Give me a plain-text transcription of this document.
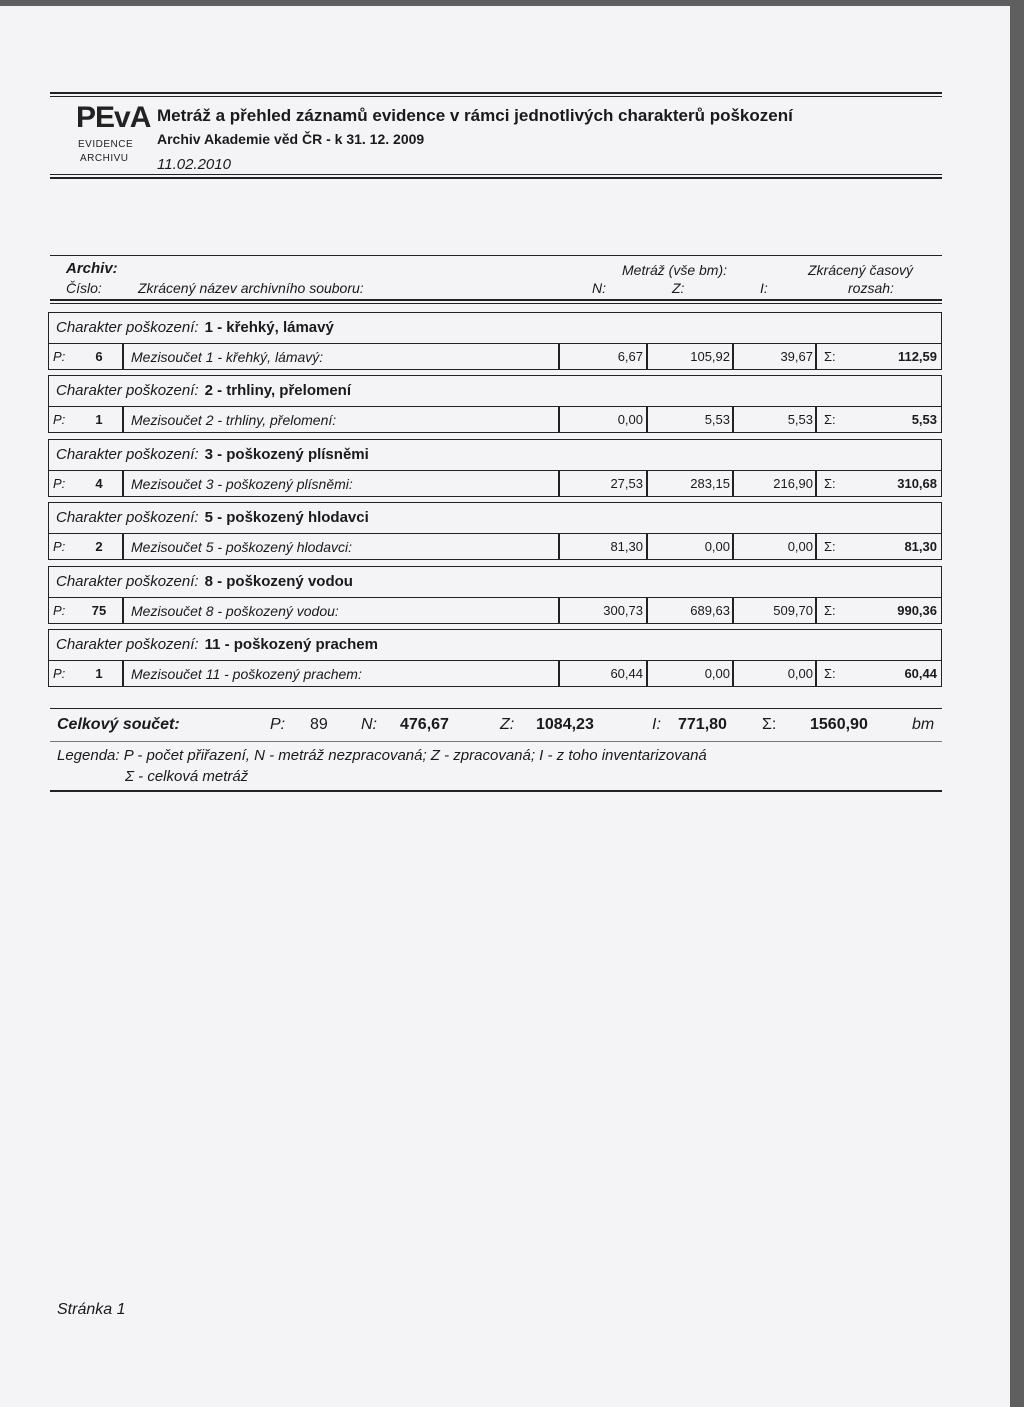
PEvA
EVIDENCE
ARCHIVU
Metráž a přehled záznamů evidence v rámci jednotlivých charakterů poškození
Archiv Akademie věd ČR - k 31. 12. 2009
11.02.2010
Archiv:
Číslo:	Zkrácený název archivního souboru:
Metráž (vše bm):
N:	Z:	I:
Zkrácený časový
rozsah:
Charakter poškození: 1 - křehký, lámavý
P:	6	Mezisoučet 1 - křehký, lámavý:	6,67	105,92	39,67 Σ:	112,59
Charakter poškození: 2 - trhliny, přelomení
P:	1	Mezisoučet 2 - trhliny, přelomení:	0,00	5,53	5,53 Σ:	5,53
Charakter poškození: 3 - poškozený plísněmi
P:	4	Mezisoučet 3 - poškozený plísněmi:	27,53	283,15	216,90 Σ:	310,68
Charakter poškození: 5 - poškozený hlodavci
P:	2	Mezisoučet 5 - poškozený hlodavci:	81,30	0,00	0,00 Σ:	81,30
Charakter poškození: 8 - poškozený vodou
P:	75	Mezisoučet 8 - poškozený vodou:	300,73	689,63	509,70 Σ:	990,36
Charakter poškození: 11 - poškozený prachem
P:	1	Mezisoučet 11 - poškozený prachem:	60,44	0,00	0,00 Σ:	60,44
Celkový součet:	P: 89 N: 476,67	Z: 1084,23	I: 771,80 Σ: 1560,90	bm
Legenda: P - počet přiřazení, N - metráž nezpracovaná; Z - zpracovaná; I - z toho inventarizovaná
Σ - celková metráž
Stránka 1
